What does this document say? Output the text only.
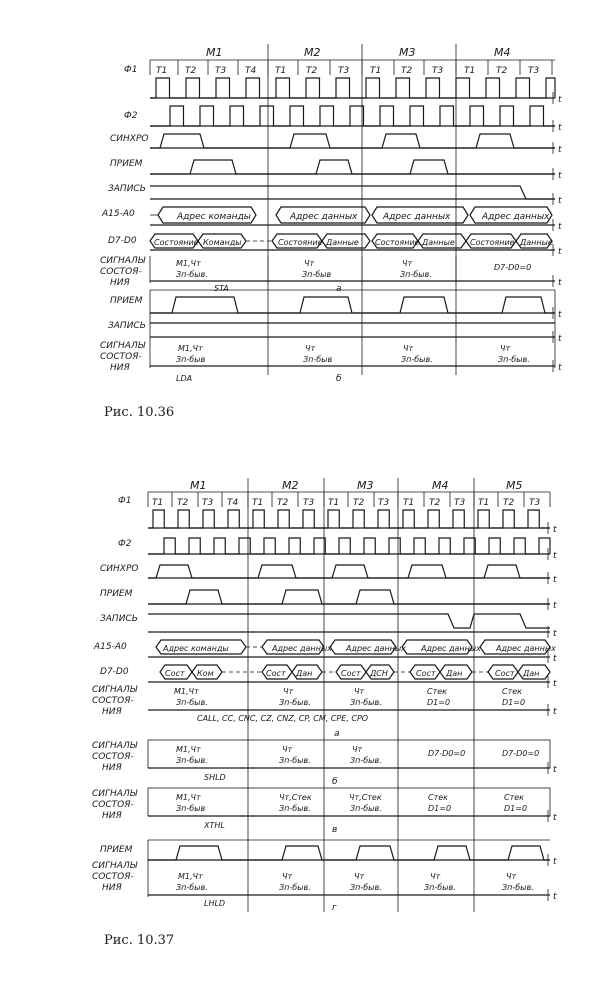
M1	M2	M3	M4
T1 T2 T3 T4 T1 T2 T3 T1 T2 T3 T1 T2 T3
Ф1
Ф2
СИНХРО
ПРИЕМ
ЗАПИСЬ
А15-А0
D7-D0
СИГНАЛЫ
СОСТОЯ-
НИЯ
ПРИЕМ
ЗАПИСЬ
СИГНАЛЫ
СОСТОЯ-
НИЯ
t
t
t
t
t
t
t
t
t
t
t
Адрес команды	Адрес данных	Адрес данных	Адрес данных
Состояние Команды	Состояние Данные Состояние Данные Состояние Данные
М1,Чт
Зп-быв.
Чт
Зп-быв
Чт
Зп-быв.
D7-D0=0
STA	а
М1,Чт
Зп-быв
Чт
Зп-быв
Чт
Зп-быв.
Чт
Зп-быв.
LDA	б
Рис. 10.36
M1	M2	M3	M4	M5
T1 T2 T3 T4 T1 T2 T3 T1 T2 T3 T1 T2 T3 T1 T2 T3
Ф1
Ф2
СИНХРО
ПРИЕМ
ЗАПИСЬ
А15-А0
D7-D0
СИГНАЛЫ
СОСТОЯ-
НИЯ
СИГНАЛЫ
СОСТОЯ-
НИЯ
СИГНАЛЫ
СОСТОЯ-
НИЯ
ПРИЕМ
СИГНАЛЫ
СОСТОЯ-
НИЯ
t
t
t
t
t
t
t
t
t
t
t
t
Адрес команды	Адрес данных Адрес данных Адрес данных Адрес данных
Сост Ком	Сост Дан	Сост ДСН	Сост Дан	Сост Дан
М1,Чт
Зп-быв.
Чт
Зп-быв.
Чт
Зп-быв.
Стек
D1=0
Стек
D1=0
CALL, CC, CNC, CZ, CNZ, CP, CM, CPE, CPO
а
М1,Чт
Зп-быв.
Чт
Зп-быв.
Чт
Зп-быв.
D7-D0=0	D7-D0=0
SHLD	б
М1,Чт
Зп-быв
Чт,Стек
Зп-быв.
Чт,Стек
Зп-быв.
Стек
D1=0
Стек
D1=0
XTHL	в
М1,Чт
Зп-быв.
Чт
Зп-быв.
Чт
Зп-быв.
Чт
Зп-быв.
Чт
Зп-быв.
LHLD	г
Рис. 10.37
